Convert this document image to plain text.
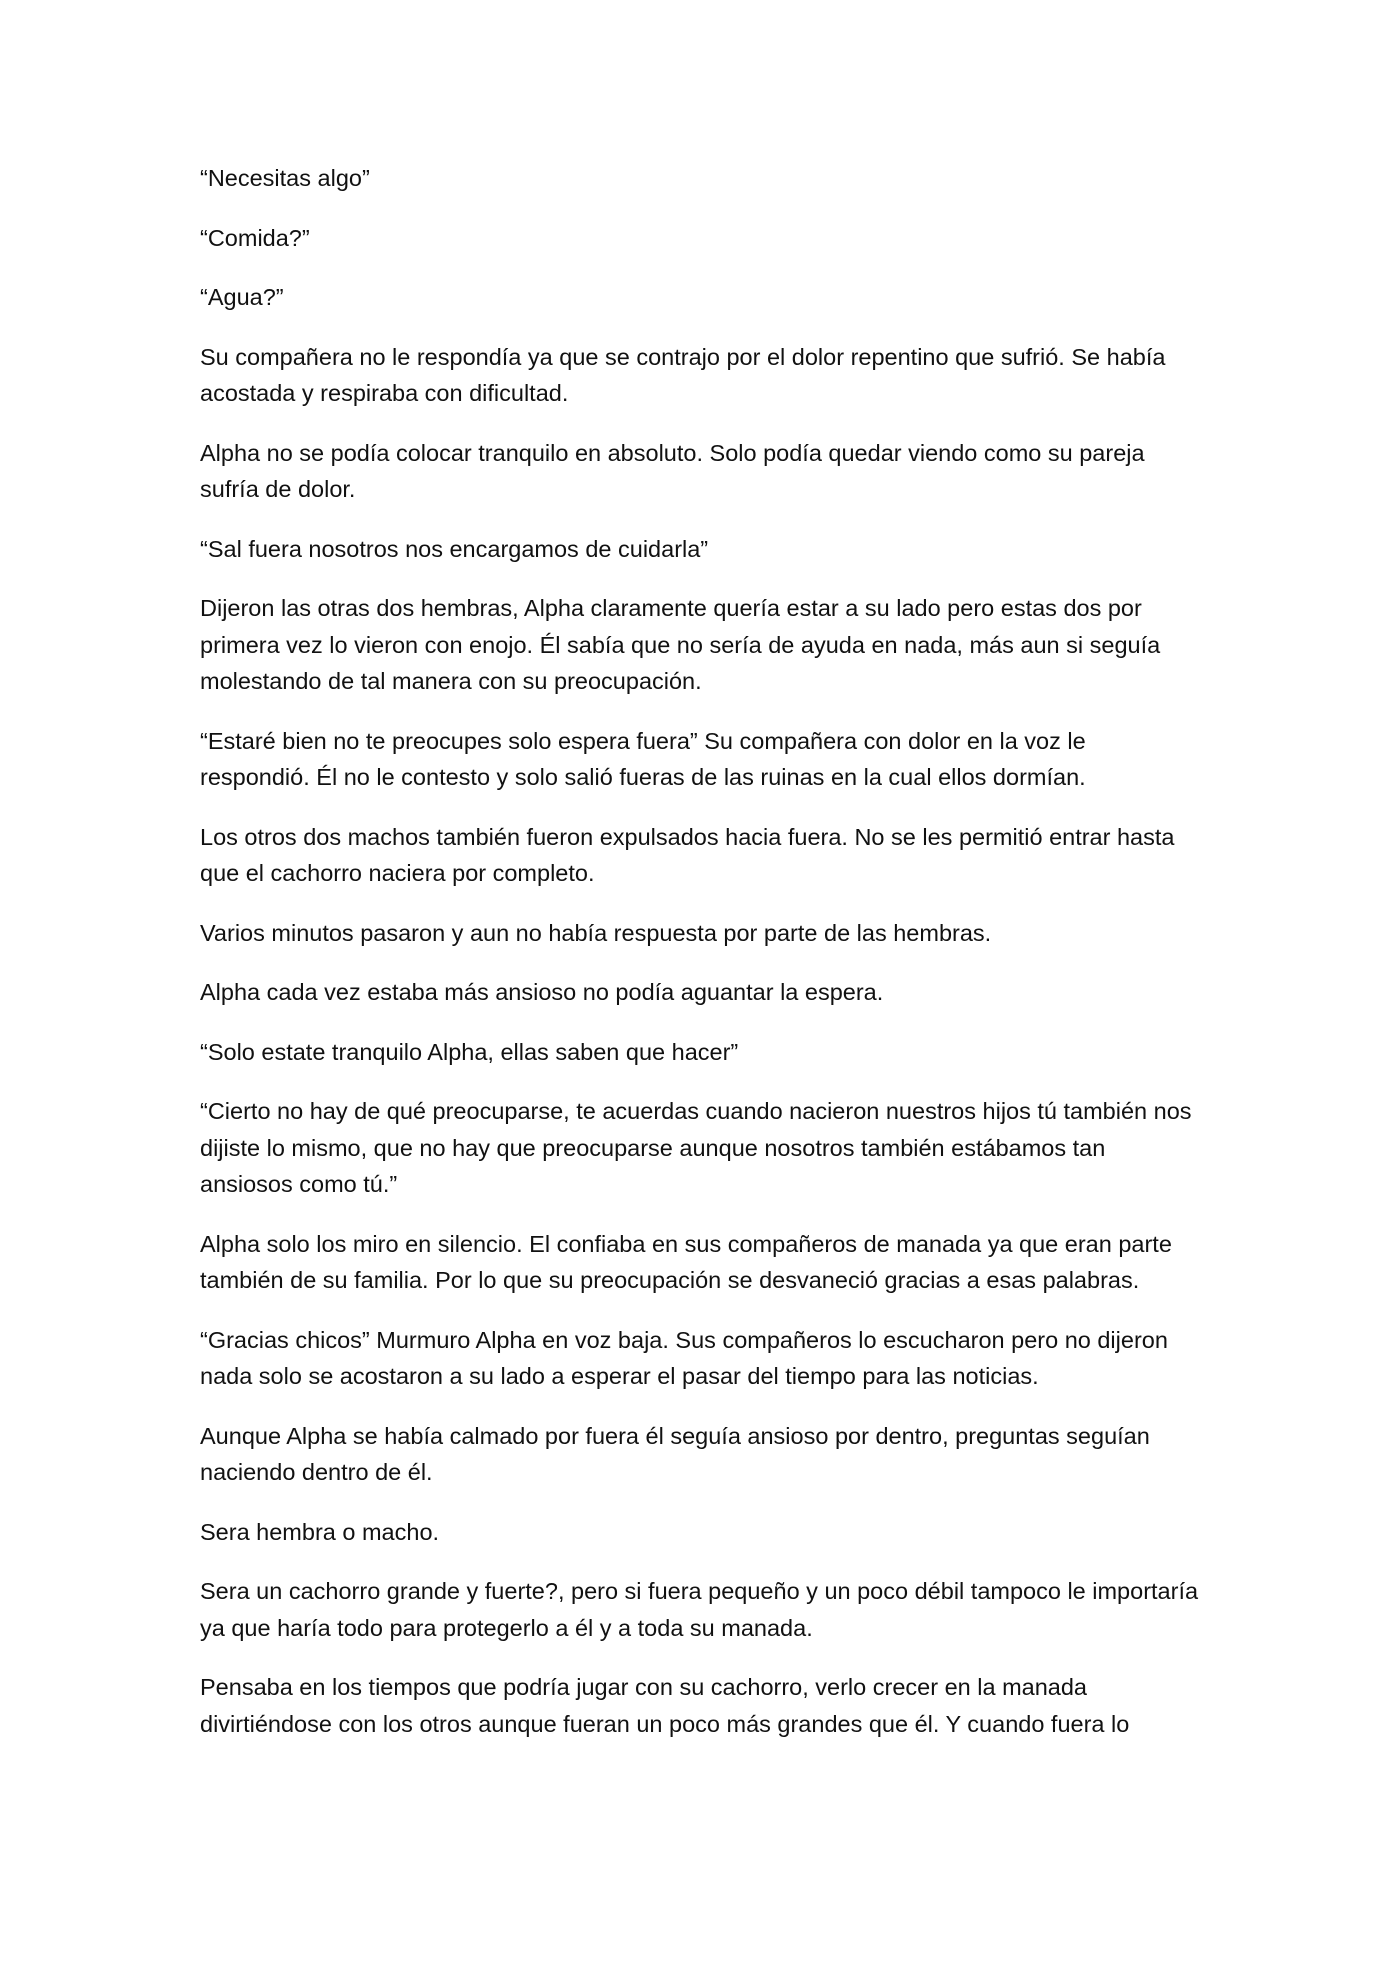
“Necesitas algo”

“Comida?”

“Agua?”

Su compañera no le respondía ya que se contrajo por el dolor repentino que sufrió. Se había acostada y respiraba con dificultad.

Alpha no se podía colocar tranquilo en absoluto. Solo podía quedar viendo como su pareja sufría de dolor.

“Sal fuera nosotros nos encargamos de cuidarla”

Dijeron las otras dos hembras, Alpha claramente quería estar a su lado pero estas dos por primera vez lo vieron con enojo. Él sabía que no sería de ayuda en nada, más aun si seguía molestando de tal manera con su preocupación.

“Estaré bien no te preocupes solo espera fuera” Su compañera con dolor en la voz le respondió. Él no le contesto y solo salió fueras de las ruinas en la cual ellos dormían.

Los otros dos machos también fueron expulsados hacia fuera. No se les permitió entrar hasta que el cachorro naciera por completo.

Varios minutos pasaron y aun no había respuesta por parte de las hembras.

Alpha cada vez estaba más ansioso no podía aguantar la espera.

“Solo estate tranquilo Alpha, ellas saben que hacer”

“Cierto no hay de qué preocuparse, te acuerdas cuando nacieron nuestros hijos tú también nos dijiste lo mismo, que no hay que preocuparse aunque nosotros también estábamos tan ansiosos como tú.”

Alpha solo los miro en silencio. El confiaba en sus compañeros de manada ya que eran parte también de su familia. Por lo que su preocupación se desvaneció gracias a esas palabras.

“Gracias chicos” Murmuro Alpha en voz baja. Sus compañeros lo escucharon pero no dijeron nada solo se acostaron a su lado a esperar el pasar del tiempo para las noticias.

Aunque Alpha se había calmado por fuera él seguía ansioso por dentro, preguntas seguían naciendo dentro de él.

Sera hembra o macho.

Sera un cachorro grande y fuerte?, pero si fuera pequeño y un poco débil tampoco le importaría ya que haría todo para protegerlo a él y a toda su manada.

Pensaba en los tiempos que podría jugar con su cachorro, verlo crecer en la manada divirtiéndose con los otros aunque fueran un poco más grandes que él. Y cuando fuera lo
